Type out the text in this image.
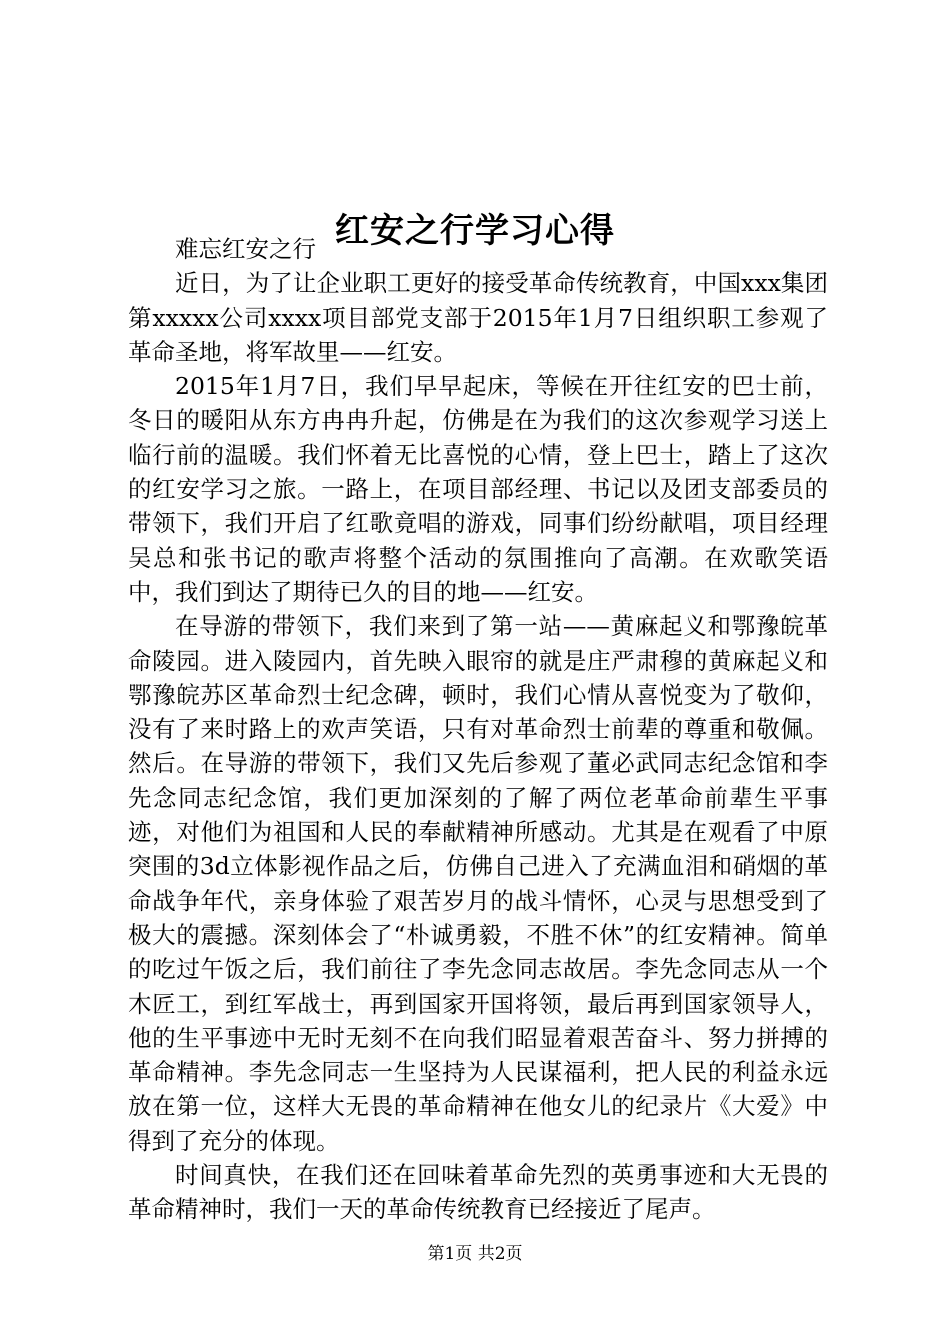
红安之行学习心得

难忘红安之行

近日，为了让企业职工更好的接受革命传统教育，中国xxx集团第xxxxx公司xxxx项目部党支部于2015年1月7日组织职工参观了革命圣地，将军故里——红安。

2015年1月7日，我们早早起床，等候在开往红安的巴士前，冬日的暖阳从东方冉冉升起，仿佛是在为我们的这次参观学习送上临行前的温暖。我们怀着无比喜悦的心情，登上巴士，踏上了这次的红安学习之旅。一路上，在项目部经理、书记以及团支部委员的带领下，我们开启了红歌竟唱的游戏，同事们纷纷献唱，项目经理吴总和张书记的歌声将整个活动的氛围推向了高潮。在欢歌笑语中，我们到达了期待已久的目的地——红安。

在导游的带领下，我们来到了第一站——黄麻起义和鄂豫皖革命陵园。进入陵园内，首先映入眼帘的就是庄严肃穆的黄麻起义和鄂豫皖苏区革命烈士纪念碑，顿时，我们心情从喜悦变为了敬仰，没有了来时路上的欢声笑语，只有对革命烈士前辈的尊重和敬佩。然后。在导游的带领下，我们又先后参观了董必武同志纪念馆和李先念同志纪念馆，我们更加深刻的了解了两位老革命前辈生平事迹，对他们为祖国和人民的奉献精神所感动。尤其是在观看了中原突围的3d立体影视作品之后，仿佛自己进入了充满血泪和硝烟的革命战争年代，亲身体验了艰苦岁月的战斗情怀，心灵与思想受到了极大的震撼。深刻体会了“朴诚勇毅，不胜不休”的红安精神。简单的吃过午饭之后，我们前往了李先念同志故居。李先念同志从一个木匠工，到红军战士，再到国家开国将领，最后再到国家领导人，他的生平事迹中无时无刻不在向我们昭显着艰苦奋斗、努力拼搏的革命精神。李先念同志一生坚持为人民谋福利，把人民的利益永远放在第一位，这样大无畏的革命精神在他女儿的纪录片《大爱》中得到了充分的体现。

时间真快，在我们还在回味着革命先烈的英勇事迹和大无畏的革命精神时，我们一天的革命传统教育已经接近了尾声。

第1页 共2页
